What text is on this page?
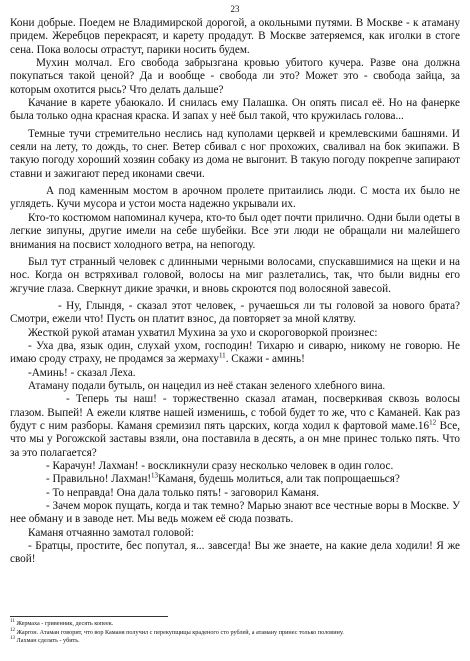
23

Кони добрые. Поедем не Владимирской дорогой, а окольными путями. В Москве - к атаману придем. Жеребцов перекрасят, и карету продадут. В Москве затеряемся, как иголки в стоге сена. Пока волосы отрастут, парики носить будем.

Мухин молчал. Его свобода забрызгана кровью убитого кучера. Разве она должна покупаться такой ценой? Да и вообще - свобода ли это? Может это - свобода зайца, за которым охотится рысь? Что делать дальше?

Качание в карете убаюкало. И снилась ему Палашка. Он опять писал её. Но на фанерке была только одна красная краска. И запах у неё был такой, что кружилась голова...

Темные тучи стремительно неслись над куполами церквей и кремлевскими башнями. И сеяли на лету, то дождь, то снег. Ветер сбивал с ног прохожих, сваливал на бок экипажи. В такую погоду хороший хозяин собаку из дома не выгонит. В такую погоду покрепче запирают ставни и зажигают перед иконами свечи.

А под каменным мостом в арочном пролете притаились люди. С моста их было не углядеть. Кучи мусора и устои моста надежно укрывали их.

Кто-то костюмом напоминал кучера, кто-то был одет почти прилично. Одни были одеты в легкие зипуны, другие имели на себе шубейки. Все эти люди не обращали ни малейшего внимания на посвист холодного ветра, на непогоду.

Был тут странный человек с длинными черными волосами, спускавшимися на щеки и на нос. Когда он встряхивал головой, волосы на миг разлетались, так, что были видны его жгучие глаза. Сверкнут дикие зрачки, и вновь скроются под волосяной завесой.

- Ну, Глындя, - сказал этот человек, - ручаешься ли ты головой за нового брата? Смотри, ежели что! Пусть он платит взнос, да повторяет за мной клятву.

Жесткой рукой атаман ухватил Мухина за ухо и скороговоркой произнес:

- Уха два, язык один, слухай ухом, господин! Тихарю и сиварю, никому не говорю. Не имаю сроду страху, не продамся за жермаху$^{11}$. Скажи - аминь!

-Аминь! - сказал Леха.

Атаману подали бутыль, он нацедил из неё стакан зеленого хлебного вина.

- Теперь ты наш! - торжественно сказал атаман, посверкивая сквозь волосы глазом. Выпей! А ежели клятве нашей изменишь, с тобой будет то же, что с Каманей. Как раз будут с ним разборы. Каманя сремизил пять царских, когда ходил к фартовой $маме.16^{12}$ Все, что мы у Рогожской заставы взяли, она поставила в десять, а он мне принес только пять. Что за это полагается?

- Карачун! Лахман! - воскликнули сразу несколько человек в один голос.

- Правильно! Лахман!$^{13}$Каманя, будешь молиться, али так попрощаешься?

- То неправда! Она дала только пять! - заговорил Каманя.

- Зачем морок пущать, когда и так темно? Марью знают все честные воры в Москве. У нее обману и в заводе нет. Мы ведь можем её сюда позвать.

Каманя отчаянно замотал головой:

- Братцы, простите, бес попутал, я... завсегда! Вы же знаете, на какие дела ходили! Я же свой!

$^{11}$ Жермаха - гривенник, десять копеек.

$^{12}$ Жаргон. Атаман говорит, что вор Каманя получил с перекупщицы краденого сто рублей, а атаману принес только половину.

$^{13}$ Лахман сделать - убить.
